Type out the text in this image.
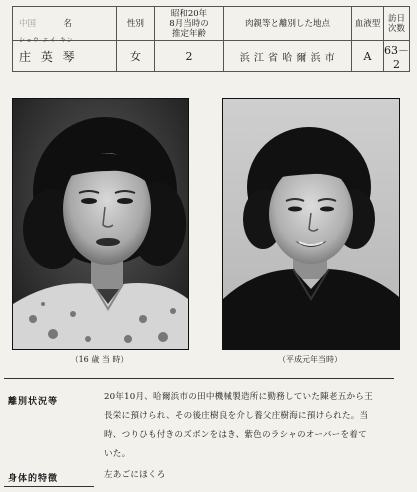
中国 名	性別	昭和20年
8月当時の
推定年齢	肉親等と離別した地点	血液型	訪日次数

ショウ エイ キン
庄 英 琴	女	2	浜 江 省 哈 爾 浜 市	A	63－2
（16 歳 当 時）	（平成元年当時）
離別状況等	20年10月、哈爾浜市の田中機械製造所に勤務していた陳老五から王
長栄に預けられ、その後庄樹良を介し養父庄樹海に預けられた。当
時、つりひも付きのズボンをはき、紫色のラシャのオーバーを着て
いた。
身体的特徴	左あごにほくろ
